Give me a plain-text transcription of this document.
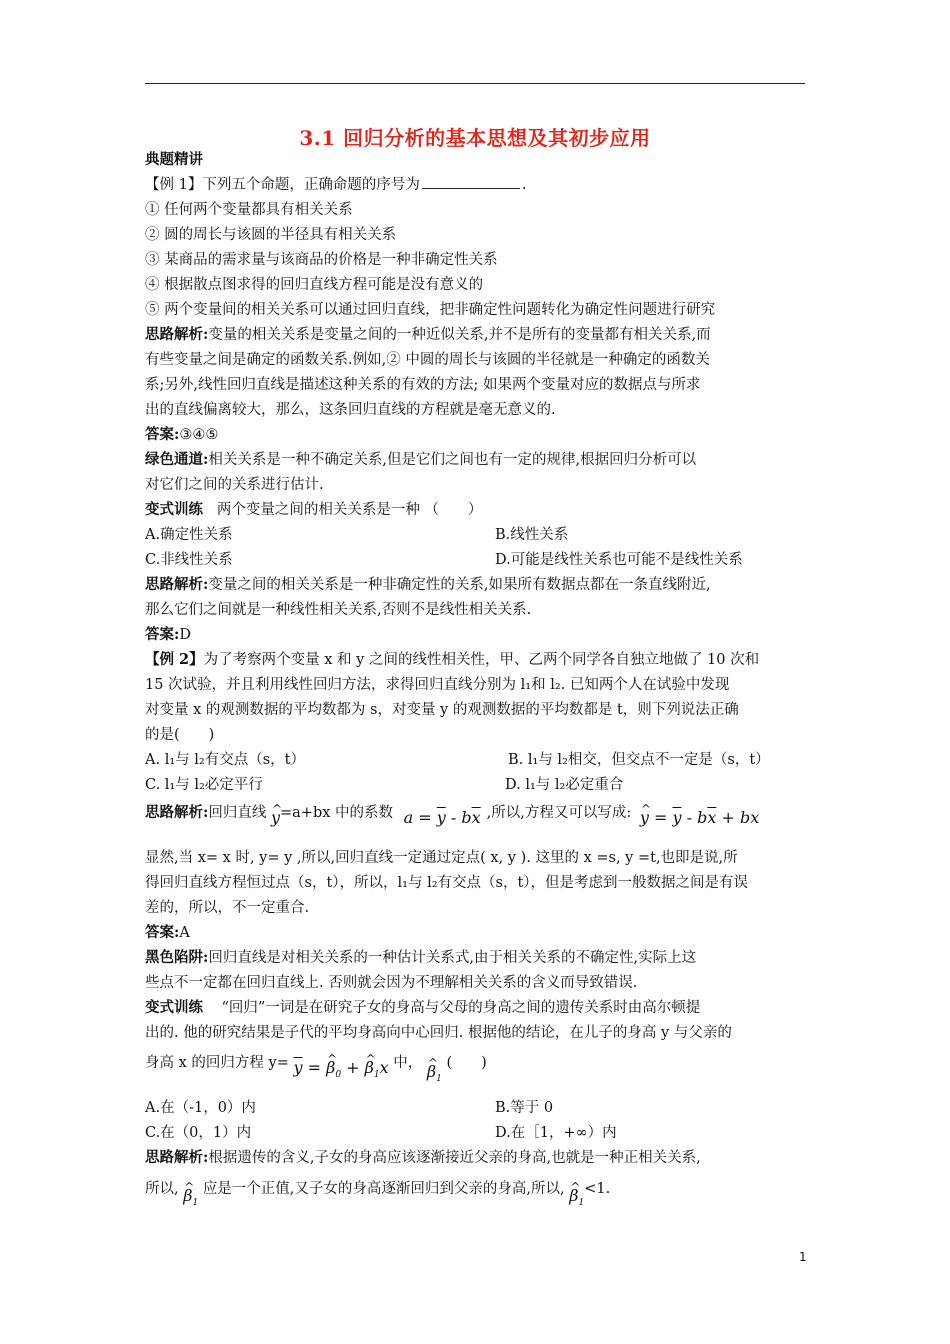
3.1 回归分析的基本思想及其初步应用
典题精讲
【例 1】下列五个命题，正确命题的序号为	.
① 任何两个变量都具有相关关系
② 圆的周长与该圆的半径具有相关关系
③ 某商品的需求量与该商品的价格是一种非确定性关系
④ 根据散点图求得的回归直线方程可能是没有意义的
⑤ 两个变量间的相关关系可以通过回归直线，把非确定性问题转化为确定性问题进行研究
思路解析:变量的相关关系是变量之间的一种近似关系,并不是所有的变量都有相关关系,而
有些变量之间是确定的函数关系.例如,② 中圆的周长与该圆的半径就是一种确定的函数关
系;另外,线性回归直线是描述这种关系的有效的方法; 如果两个变量对应的数据点与所求
出的直线偏离较大，那么，这条回归直线的方程就是毫无意义的.
答案:③④⑤
绿色通道:相关关系是一种不确定关系,但是它们之间也有一定的规律,根据回归分析可以
对它们之间的关系进行估计.
变式训练 两个变量之间的相关关系是一种 （　　）
A.确定性关系	B.线性关系
C.非线性关系	D.可能是线性关系也可能不是线性关系
思路解析:变量之间的相关关系是一种非确定性的关系,如果所有数据点都在一条直线附近,
那么它们之间就是一种线性相关关系,否则不是线性相关关系.
答案:D
【例 2】为了考察两个变量 x 和 y 之间的线性相关性，甲、乙两个同学各自独立地做了 10 次和
15 次试验，并且利用线性回归方法，求得回归直线分别为 l₁和 l₂. 已知两个人在试验中发现
对变量 x 的观测数据的平均数都为 s，对变量 y 的观测数据的平均数都是 t，则下列说法正确
的是(　　)
A. l₁与 l₂有交点（s，t）	B. l₁与 l₂相交，但交点不一定是（s，t）
C. l₁与 l₂必定平行	D. l₁与 l₂必定重合
思路解析:回归直线 ^ y=a+bx 中的系数 $a = \overline{y} - b\overline{x}$ ,所以,方程又可以写成: ^ $y = \overline{y} - b\overline{x}$ + bx
显然,当 x= x 时, y= y ,所以,回归直线一定通过定点( x, y ). 这里的 x =s, y =t,也即是说,所
得回归直线方程恒过点（s，t），所以，l₁与 l₂有交点（s，t），但是考虑到一般数据之间是有误
差的，所以，不一定重合.
答案:A
黑色陷阱:回归直线是对相关关系的一种估计关系式,由于相关关系的不确定性,实际上这
些点不一定都在回归直线上. 否则就会因为不理解相关关系的含义而导致错误.
变式训练 “回归”一词是在研究子女的身高与父母的身高之间的遗传关系时由高尔顿提
出的. 他的研究结果是子代的平均身高向中心回归. 根据他的结论，在儿子的身高 y 与父亲的
身高 x 的回归方程 $y= \overline{y}$ = ^ $\beta_0$ + ^ $\beta_1x$ 中， ^ $\beta_1$ (　　)
A.在（-1，0）内	B.等于 0
C.在（0，1）内	D.在［1，+∞）内
思路解析:根据遗传的含义,子女的身高应该逐渐接近父亲的身高,也就是一种正相关关系,
所以, ^ $\beta_1$ 应是一个正值,又子女的身高逐渐回归到父亲的身高,所以, ^ $\beta_1<1$.
1
